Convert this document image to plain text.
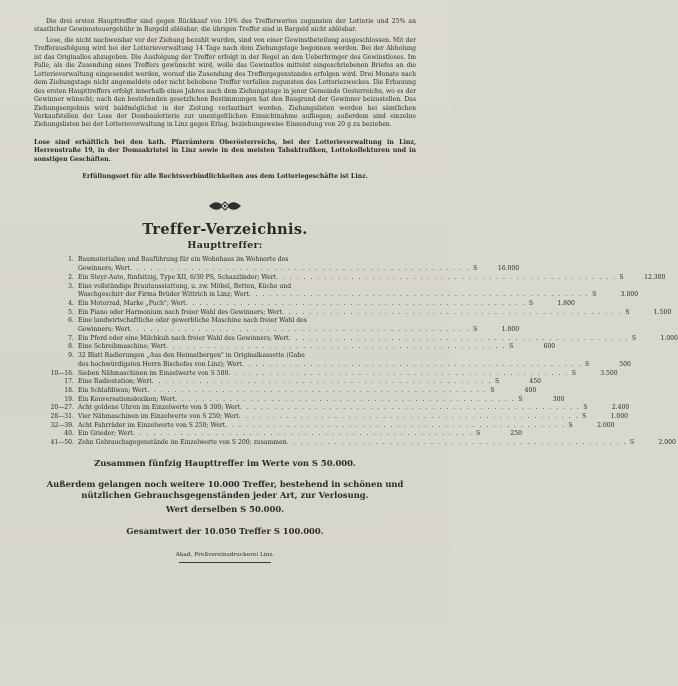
Die drei ersten Haupttreffer sind gegen Rückkauf von 10% des Trefferwertes zugunsten der Lotterie und 25% an staatlicher Gewinnsteuergebühr in Bargeld ablösbar; die übrigen Treffer sind in Bargeld nicht ablösbar.

Lose, die nicht nachweisbar vor der Ziehung bezahlt wurden, sind von einer Gewinstbeteilung ausgeschlossen. Mit der Trefferausfolgung wird bei der Lotterieverwaltung 14 Tage nach dem Ziehungstage begonnen werden. Bei der Abholung ist das Originallos abzugeben. Die Ausfolgung der Treffer erfolgt in der Regel an den Ueberbringer des Gewinstloses. Im Falle, als die Zusendung eines Treffers gewünscht wird, wolle das Gewinstlos mittelst eingeschriebenen Briefes an die Lotterieverwaltung eingesendet werden, worauf die Zusendung des Treffergegenstandes erfolgen wird. Drei Monate nach dem Ziehungstage nicht angemeldete oder nicht behobene Treffer verfallen zugunsten des Lotteriezweckes. Die Erbauung des ersten Haupttreffers erfolgt innerhalb eines Jahres nach dem Ziehungstage in jener Gemeinde Oesterreichs, wo es der Gewinner wünscht; nach den bestehenden gesetzlichen Bestimmungen hat den Baugrund der Gewinner beizustellen. Das Ziehungsergebnis wird baldmöglichst in der Zeitung verlautbart werden. Ziehungslisten werden bei sämtlichen Verkaufstellen der Lose der Dombaulotterie zur unentgeltlichen Einsichtnahme aufliegen; außerdem sind einzelne Ziehungslisten bei der Lotterieverwaltung in Linz gegen Erlag, beziehungsweise Einsendung von 20 g zu beziehen.

Lose sind erhältlich bei den kath. Pfarrämtern Oberösterreichs, bei der Lotterieverwaltung in Linz, Herrenstraße 19, in der Domsakristei in Linz sowie in den meisten Tabaktrafiken, Lottokollekturen und in sonstigen Geschäften.

Erfüllungsort für alle Rechtsverbindlichkeiten aus dem Lotteriegeschäfte ist Linz.

Treffer-Verzeichnis.
Haupttreffer:
1. Baumaterialien und Bauführung für ein Wohnhaus im Wohnorte des
Gewinners; Wert . . . . . . . . . . . . . . . . . . . . . . . . . . . . . . . . . . . . . . . . . . . . . . . . . . S	16.000
2. Ein Steyr-Auto, fünfsitzig, Type XII, 6/30 PS, Schazzlinder; Wert . . . . . . . . . . . . . . . . . . . . . . . . . . . . . . . . . . . . . . . . . . . . . . . . . . S	12.300
3. Eine vollständige Brautausstattung, u. zw. Möbel, Betten, Küche und
Waschgeschirr der Firma Brüder Wittrich in Linz; Wert . . . . . . . . . . . . . . . . . . . . . . . . . . . . . . . . . . . . . . . . . . . . . . . . . . S	3.000
4. Ein Motorrad, Marke „Puch"; Wert . . . . . . . . . . . . . . . . . . . . . . . . . . . . . . . . . . . . . . . . . . . . . . . . . . S	1.800
5. Ein Piano oder Harmonium nach freier Wahl des Gewinners; Wert . . . . . . . . . . . . . . . . . . . . . . . . . . . . . . . . . . . . . . . . . . . . . . . . . . S	1.500
6. Eine landwirtschaftliche oder gewerbliche Maschine nach freier Wahl des
Gewinners; Wert . . . . . . . . . . . . . . . . . . . . . . . . . . . . . . . . . . . . . . . . . . . . . . . . . . S	1.000
7. Ein Pferd oder eine Milchkuh nach freier Wahl des Gewinners; Wert . . . . . . . . . . . . . . . . . . . . . . . . . . . . . . . . . . . . . . . . . . . . . . . . . . S	1.000
8. Eine Schreibmaschine; Wert . . . . . . . . . . . . . . . . . . . . . . . . . . . . . . . . . . . . . . . . . . . . . . . . . . S	600
9. 32 Blatt Radierungen „Aus den Heimatbergen" in Originalkassette (Gabe
des hochwürdigsten Herrn Bischofes von Linz); Wert . . . . . . . . . . . . . . . . . . . . . . . . . . . . . . . . . . . . . . . . . . . . . . . . . . S	500
10—16. Sieben Nähmaschinen im Einzelwerte von S 500 . . . . . . . . . . . . . . . . . . . . . . . . . . . . . . . . . . . . . . . . . . . . . . . . . . S	3.500
17. Eine Radiostation; Wert . . . . . . . . . . . . . . . . . . . . . . . . . . . . . . . . . . . . . . . . . . . . . . . . . . S	450
18. Ein Schlafdiwan; Wert . . . . . . . . . . . . . . . . . . . . . . . . . . . . . . . . . . . . . . . . . . . . . . . . . . S	400
19. Ein Konversationslexikon; Wert . . . . . . . . . . . . . . . . . . . . . . . . . . . . . . . . . . . . . . . . . . . . . . . . . . S	300
20—27. Acht goldene Uhren im Einzelwerte von S 300; Wert . . . . . . . . . . . . . . . . . . . . . . . . . . . . . . . . . . . . . . . . . . . . . . . . . . S	2.400
28—31. Vier Nähmaschinen im Einzelwerte von S 250; Wert . . . . . . . . . . . . . . . . . . . . . . . . . . . . . . . . . . . . . . . . . . . . . . . . . . S	1.000
32—39. Acht Fahrräder im Einzelwerte von S 250; Wert . . . . . . . . . . . . . . . . . . . . . . . . . . . . . . . . . . . . . . . . . . . . . . . . . . S	2.000
40. Ein Grieder; Wert . . . . . . . . . . . . . . . . . . . . . . . . . . . . . . . . . . . . . . . . . . . . . . . . . . S	250
41—50. Zehn Gebrauchsgegenstände im Einzelwerte von S 200; zusammen . . . . . . . . . . . . . . . . . . . . . . . . . . . . . . . . . . . . . . . . . . . . . . . . . . S	2.000

Zusammen fünfzig Haupttreffer im Werte von S 50.000.

Außerdem gelangen noch weitere 10.000 Treffer, bestehend in schönen und nützlichen Gebrauchsgegenständen jeder Art, zur Verlosung.

Wert derselben S 50.000.

Gesamtwert der 10.050 Treffer S 100.000.

Akad. Preßvereinsdruckerei Linz.
